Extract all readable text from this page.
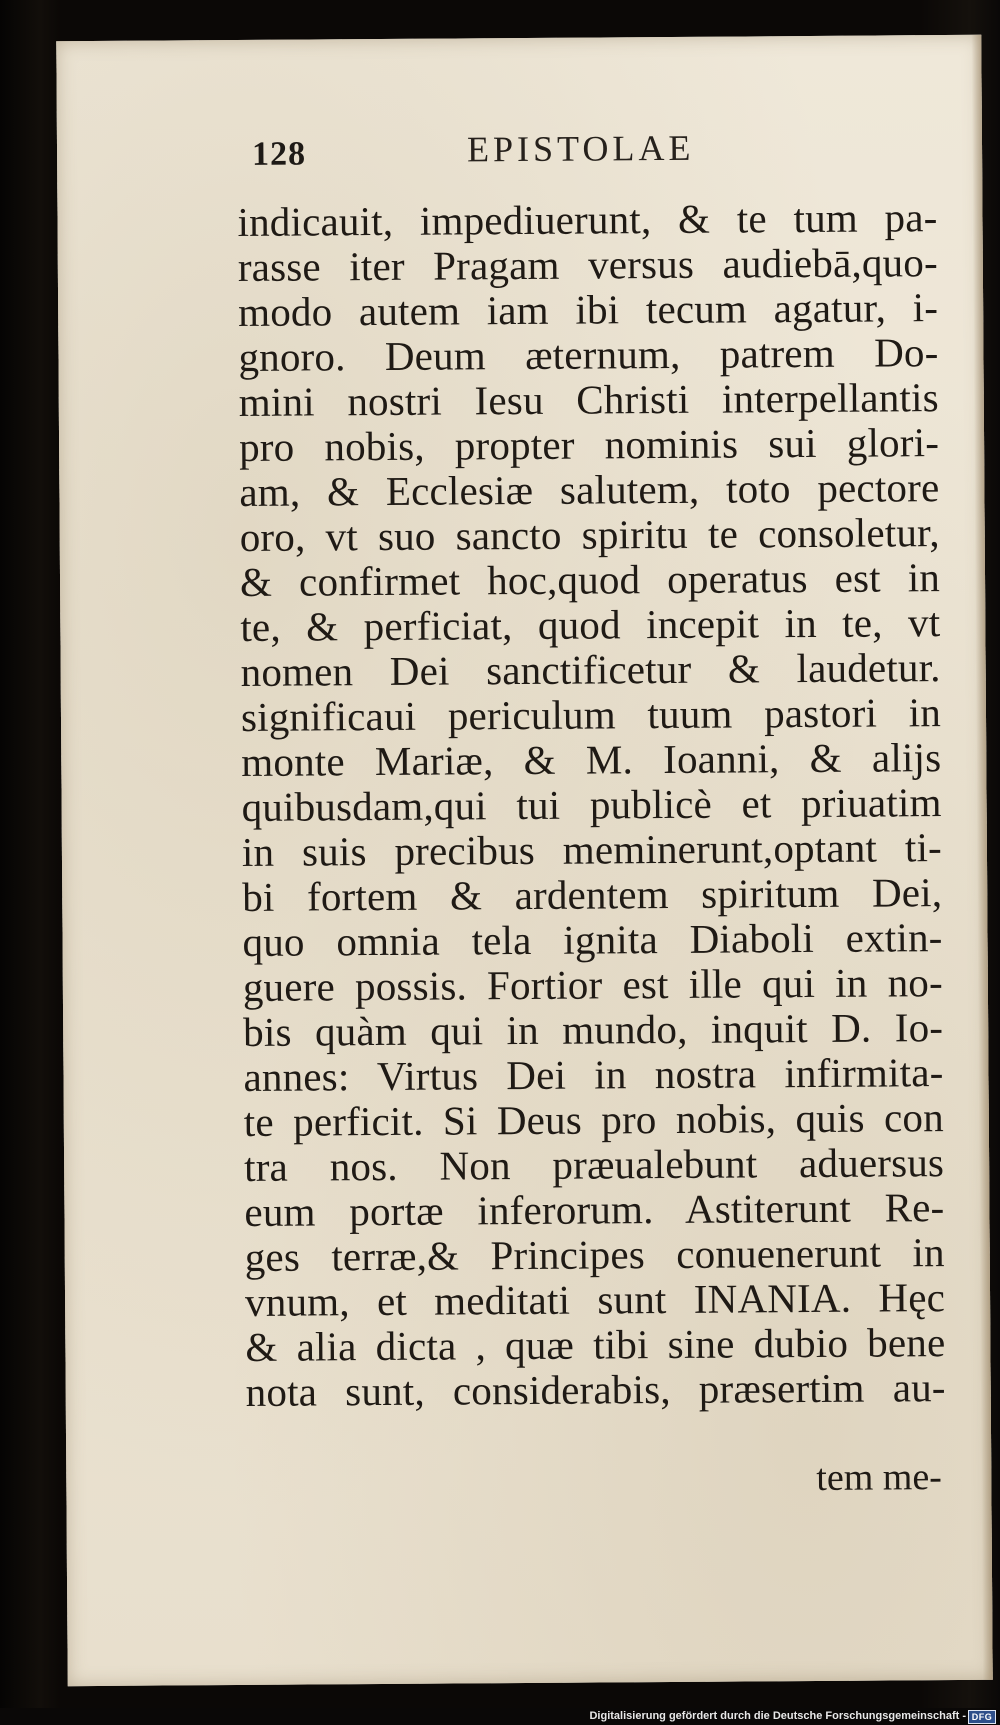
128	EPISTOLAE
indicauit, impediuerunt, & te tum pa-
rasse iter Pragam versus audiebā,quo-
modo autem iam ibi tecum agatur, i-
gnoro. Deum æternum, patrem Do-
mini nostri Iesu Christi interpellantis
pro nobis, propter nominis sui glori-
am, & Ecclesiæ salutem, toto pectore
oro, vt suo sancto spiritu te consoletur,
& confirmet hoc,quod operatus est in
te, & perficiat, quod incepit in te, vt
nomen Dei sanctificetur & laudetur.
significaui periculum tuum pastori in
monte Mariæ, & M. Ioanni, & alijs
quibusdam,qui tui publicè et priuatim
in suis precibus meminerunt,optant ti-
bi fortem & ardentem spiritum Dei,
quo omnia tela ignita Diaboli extin-
guere possis. Fortior est ille qui in no-
bis quàm qui in mundo, inquit D. Io-
annes: Virtus Dei in nostra infirmita-
te perficit. Si Deus pro nobis, quis con
tra nos. Non præualebunt aduersus
eum portæ inferorum. Astiterunt Re-
ges terræ,& Principes conuenerunt in
vnum, et meditati sunt INANIA. Hęc
& alia dicta , quæ tibi sine dubio bene
nota sunt, considerabis, præsertim au-
tem me-
Digitalisierung gefördert durch die Deutsche Forschungsgemeinschaft - DFG
